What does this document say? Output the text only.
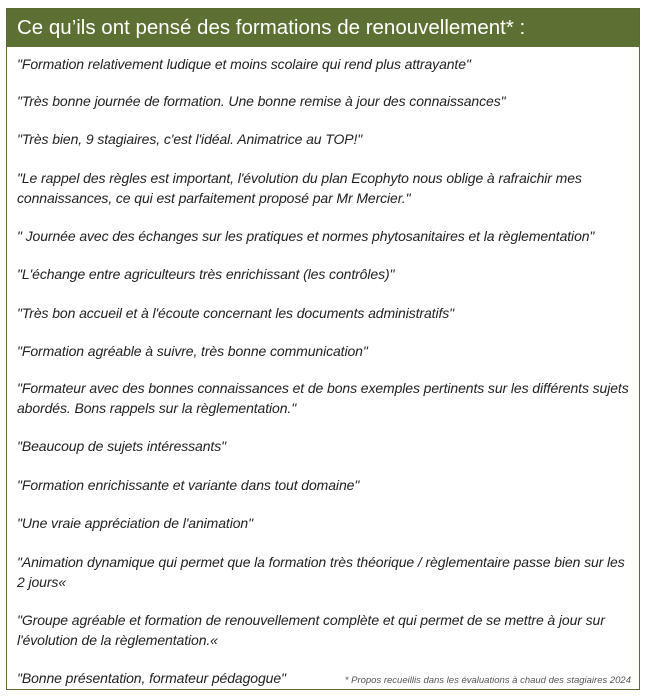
Ce qu’ils ont pensé des formations de renouvellement* :

"Formation relativement ludique et moins scolaire qui rend plus attrayante"

"Très bonne journée de formation. Une bonne remise à jour des connaissances"

"Très bien, 9 stagiaires, c'est l'idéal. Animatrice au TOP!"

"Le rappel des règles est important, l'évolution du plan Ecophyto nous oblige à rafraichir mes connaissances, ce qui est parfaitement proposé par Mr Mercier."

" Journée avec des échanges sur les pratiques et normes phytosanitaires et la règlementation"

"L'échange entre agriculteurs très enrichissant (les contrôles)"

"Très bon accueil et à l'écoute concernant les documents administratifs"

"Formation agréable à suivre, très bonne communication"

"Formateur avec des bonnes connaissances et de bons exemples pertinents sur les différents sujets abordés. Bons rappels sur la règlementation."

"Beaucoup de sujets intéressants"

"Formation enrichissante et variante dans tout domaine"

"Une vraie appréciation de l'animation"

"Animation dynamique qui permet que la formation très théorique / règlementaire passe bien sur les 2 jours«

"Groupe agréable et formation de renouvellement complète et qui permet de se mettre à jour sur l'évolution de la règlementation.«

"Bonne présentation, formateur pédagogue"	* Propos recueillis dans les évaluations à chaud des stagiaires 2024
